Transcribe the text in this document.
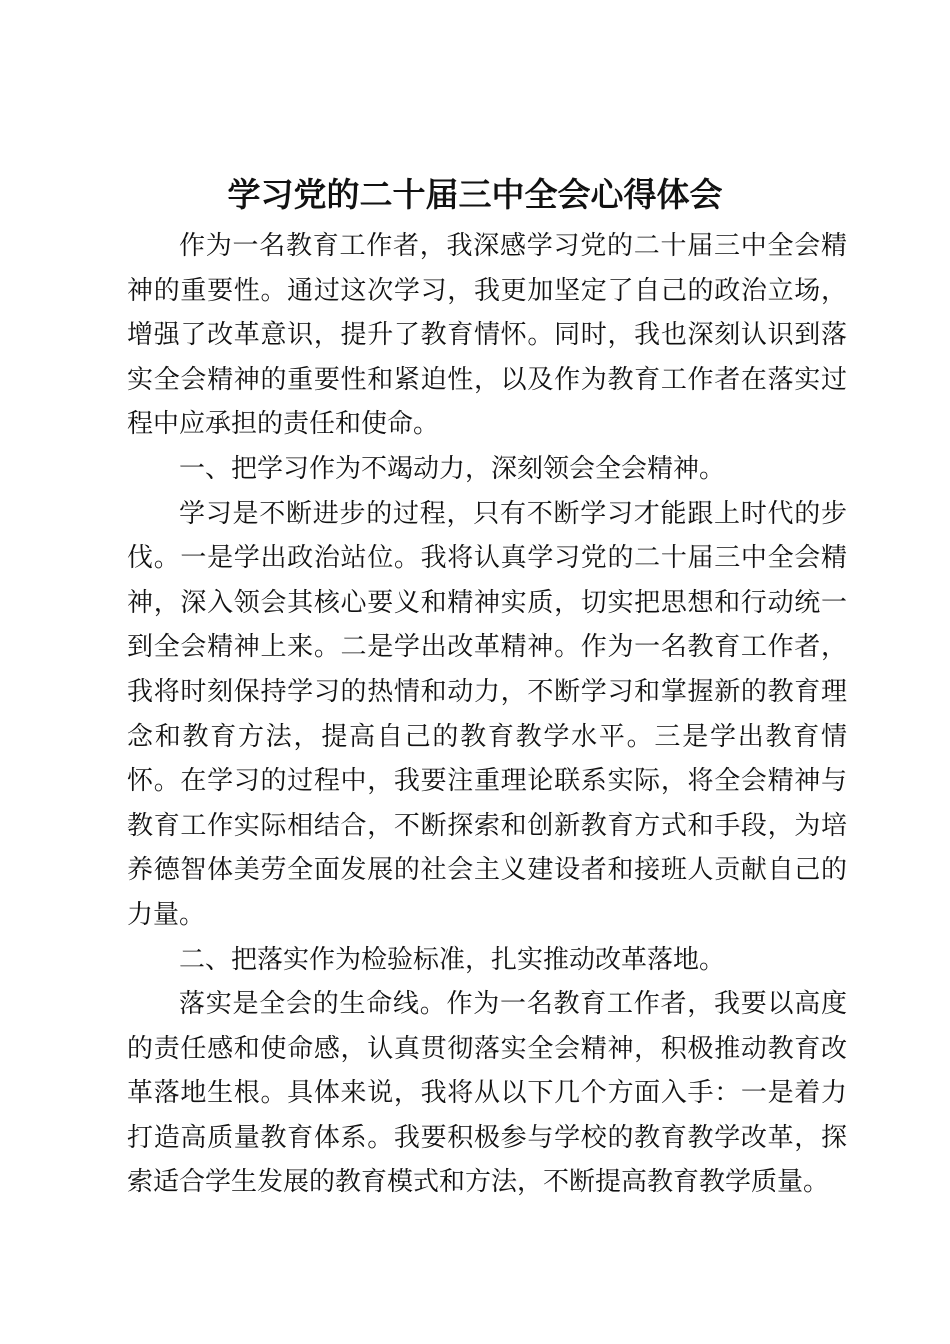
学习党的二十届三中全会心得体会

作为一名教育工作者，我深感学习党的二十届三中全会精神的重要性。通过这次学习，我更加坚定了自己的政治立场，增强了改革意识，提升了教育情怀。同时，我也深刻认识到落实全会精神的重要性和紧迫性，以及作为教育工作者在落实过程中应承担的责任和使命。

一、把学习作为不竭动力，深刻领会全会精神。

学习是不断进步的过程，只有不断学习才能跟上时代的步伐。一是学出政治站位。我将认真学习党的二十届三中全会精神，深入领会其核心要义和精神实质，切实把思想和行动统一到全会精神上来。二是学出改革精神。作为一名教育工作者，我将时刻保持学习的热情和动力，不断学习和掌握新的教育理念和教育方法，提高自己的教育教学水平。三是学出教育情怀。在学习的过程中，我要注重理论联系实际，将全会精神与教育工作实际相结合，不断探索和创新教育方式和手段，为培养德智体美劳全面发展的社会主义建设者和接班人贡献自己的力量。

二、把落实作为检验标准，扎实推动改革落地。

落实是全会的生命线。作为一名教育工作者，我要以高度的责任感和使命感，认真贯彻落实全会精神，积极推动教育改革落地生根。具体来说，我将从以下几个方面入手：一是着力打造高质量教育体系。我要积极参与学校的教育教学改革，探索适合学生发展的教育模式和方法，不断提高教育教学质量。
